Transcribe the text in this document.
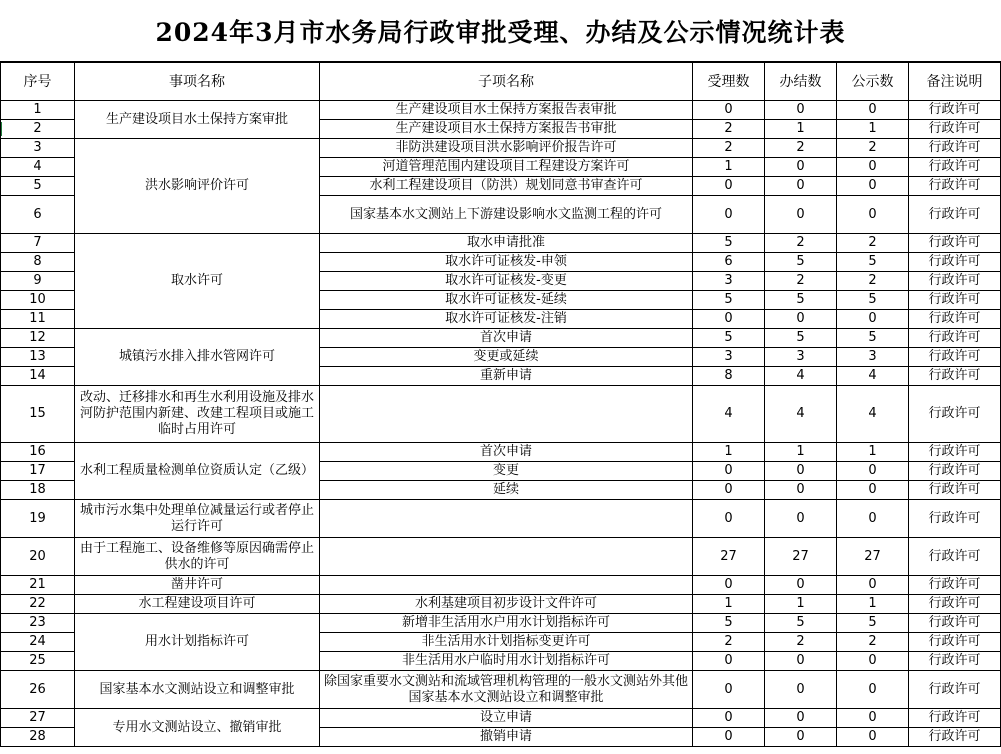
2024年3月市水务局行政审批受理、办结及公示情况统计表
序号	事项名称	子项名称	受理数	办结数	公示数	备注说明
1	生产建设项目水土保持方案审批	生产建设项目水土保持方案报告表审批	0	0	0	行政许可
2		生产建设项目水土保持方案报告书审批	2	1	1	行政许可
3	洪水影响评价许可	非防洪建设项目洪水影响评价报告许可	2	2	2	行政许可
4		河道管理范围内建设项目工程建设方案许可	1	0	0	行政许可
5		水利工程建设项目（防洪）规划同意书审查许可	0	0	0	行政许可
6		国家基本水文测站上下游建设影响水文监测工程的许可	0	0	0	行政许可
7	取水许可	取水申请批准	5	2	2	行政许可
8		取水许可证核发-申领	6	5	5	行政许可
9		取水许可证核发-变更	3	2	2	行政许可
10		取水许可证核发-延续	5	5	5	行政许可
11		取水许可证核发-注销	0	0	0	行政许可
12	城镇污水排入排水管网许可	首次申请	5	5	5	行政许可
13		变更或延续	3	3	3	行政许可
14		重新申请	8	4	4	行政许可
15	改动、迁移排水和再生水利用设施及排水河防护范围内新建、改建工程项目或施工临时占用许可		4	4	4	行政许可
16	水利工程质量检测单位资质认定（乙级）	首次申请	1	1	1	行政许可
17		变更	0	0	0	行政许可
18		延续	0	0	0	行政许可
19	城市污水集中处理单位减量运行或者停止运行许可		0	0	0	行政许可
20	由于工程施工、设备维修等原因确需停止供水的许可		27	27	27	行政许可
21	凿井许可		0	0	0	行政许可
22	水工程建设项目许可	水利基建项目初步设计文件许可	1	1	1	行政许可
23	用水计划指标许可	新增非生活用水户用水计划指标许可	5	5	5	行政许可
24		非生活用水计划指标变更许可	2	2	2	行政许可
25		非生活用水户临时用水计划指标许可	0	0	0	行政许可
26	国家基本水文测站设立和调整审批	除国家重要水文测站和流域管理机构管理的一般水文测站外其他国家基本水文测站设立和调整审批	0	0	0	行政许可
27	专用水文测站设立、撤销审批	设立申请	0	0	0	行政许可
28		撤销申请	0	0	0	行政许可
